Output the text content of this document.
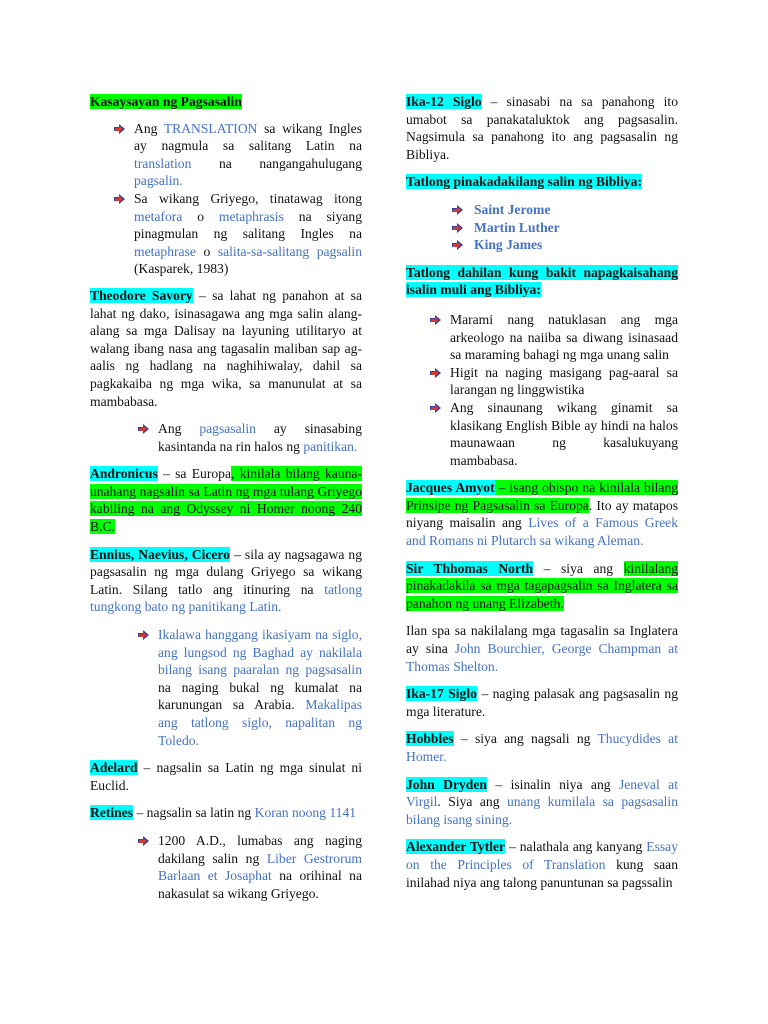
Kasaysayan ng Pagsasalin

Ang TRANSLATION sa wikang Ingles ay nagmula sa salitang Latin na translation na nangangahulugang pagsalin.
Sa wikang Griyego, tinatawag itong metafora o metaphrasis na siyang pinagmulan ng salitang Ingles na metaphrase o salita-sa-salitang pagsalin (Kasparek, 1983)

Theodore Savory – sa lahat ng panahon at sa lahat ng dako, isinasagawa ang mga salin alang-alang sa mga Dalisay na layuning utilitaryo at walang ibang nasa ang tagasalin maliban sap ag-aalis ng hadlang na naghihiwalay, dahil sa pagkakaiba ng mga wika, sa manunulat at sa mambabasa.

Ang pagsasalin ay sinasabing kasintanda na rin halos ng panitikan.

Andronicus – sa Europa, kinilala bilang kauna-unahang nagsalin sa Latin ng mga tulang Griyego kabiling na ang Odyssey ni Homer noong 240 B.C.

Ennius, Naevius, Cicero – sila ay nagsagawa ng pagsasalin ng mga dulang Griyego sa wikang Latin. Silang tatlo ang itinuring na tatlong tungkong bato ng panitikang Latin.

Ikalawa hanggang ikasiyam na siglo, ang lungsod ng Baghad ay nakilala bilang isang paaralan ng pagsasalin na naging bukal ng kumalat na karunungan sa Arabia. Makalipas ang tatlong siglo, napalitan ng Toledo.

Adelard – nagsalin sa Latin ng mga sinulat ni Euclid.

Retines – nagsalin sa latin ng Koran noong 1141

1200 A.D., lumabas ang naging dakilang salin ng Liber Gestrorum Barlaan et Josaphat na orihinal na nakasulat sa wikang Griyego.

Ika-12 Siglo – sinasabi na sa panahong ito umabot sa panakataluktok ang pagsasalin. Nagsimula sa panahong ito ang pagsasalin ng Bibliya.

Tatlong pinakadakilang salin ng Bibliya:

Saint Jerome
Martin Luther
King James

Tatlong dahilan kung bakit napagkaisahang isalin muli ang Bibliya:

Marami nang natuklasan ang mga arkeologo na naiiba sa diwang isinasaad sa maraming bahagi ng mga unang salin
Higit na naging masigang pag-aaral sa larangan ng linggwistika
Ang sinaunang wikang ginamit sa klasikang English Bible ay hindi na halos maunawaan ng kasalukuyang mambabasa.

Jacques Amyot – isang obispo na kinilala bilang Prinsipe ng Pagsasalin sa Europa. Ito ay matapos niyang maisalin ang Lives of a Famous Greek and Romans ni Plutarch sa wikang Aleman.

Sir Thhomas North – siya ang kinilalang pinakadakila sa mga tagapagsalin sa Inglatera sa panahon ng unang Elizabeth.

Ilan spa sa nakilalang mga tagasalin sa Inglatera ay sina John Bourchier, George Champman at Thomas Shelton.

Ika-17 Siglo – naging palasak ang pagsasalin ng mga literature.

Hobbles – siya ang nagsali ng Thucydides at Homer.

John Dryden – isinalin niya ang Jeneval at Virgil. Siya ang unang kumilala sa pagsasalin bilang isang sining.

Alexander Tytler – nalathala ang kanyang Essay on the Principles of Translation kung saan inilahad niya ang talong panuntunan sa pagssalin
